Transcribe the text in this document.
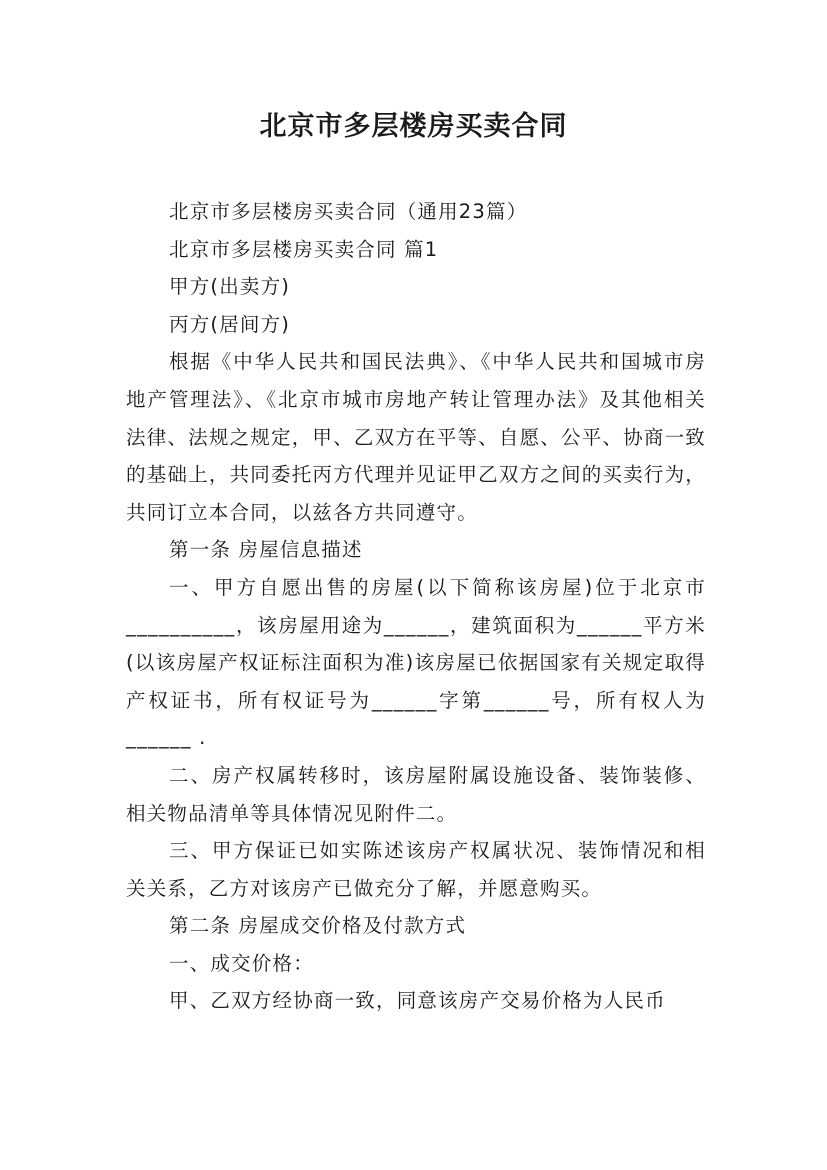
北京市多层楼房买卖合同

北京市多层楼房买卖合同（通用23篇）

北京市多层楼房买卖合同 篇1

甲方(出卖方)

丙方(居间方)

根据《中华人民共和国民法典》、《中华人民共和国城市房地产管理法》、《北京市城市房地产转让管理办法》及其他相关法律、法规之规定，甲、乙双方在平等、自愿、公平、协商一致的基础上，共同委托丙方代理并见证甲乙双方之间的买卖行为，共同订立本合同，以兹各方共同遵守。

第一条 房屋信息描述

一、甲方自愿出售的房屋(以下简称该房屋)位于北京市__________，该房屋用途为______，建筑面积为______平方米(以该房屋产权证标注面积为准)该房屋已依据国家有关规定取得产权证书，所有权证号为______字第______号，所有权人为______ .

二、房产权属转移时，该房屋附属设施设备、装饰装修、相关物品清单等具体情况见附件二。

三、甲方保证已如实陈述该房产权属状况、装饰情况和相关关系，乙方对该房产已做充分了解，并愿意购买。

第二条 房屋成交价格及付款方式

一、成交价格：

甲、乙双方经协商一致，同意该房产交易价格为人民币
